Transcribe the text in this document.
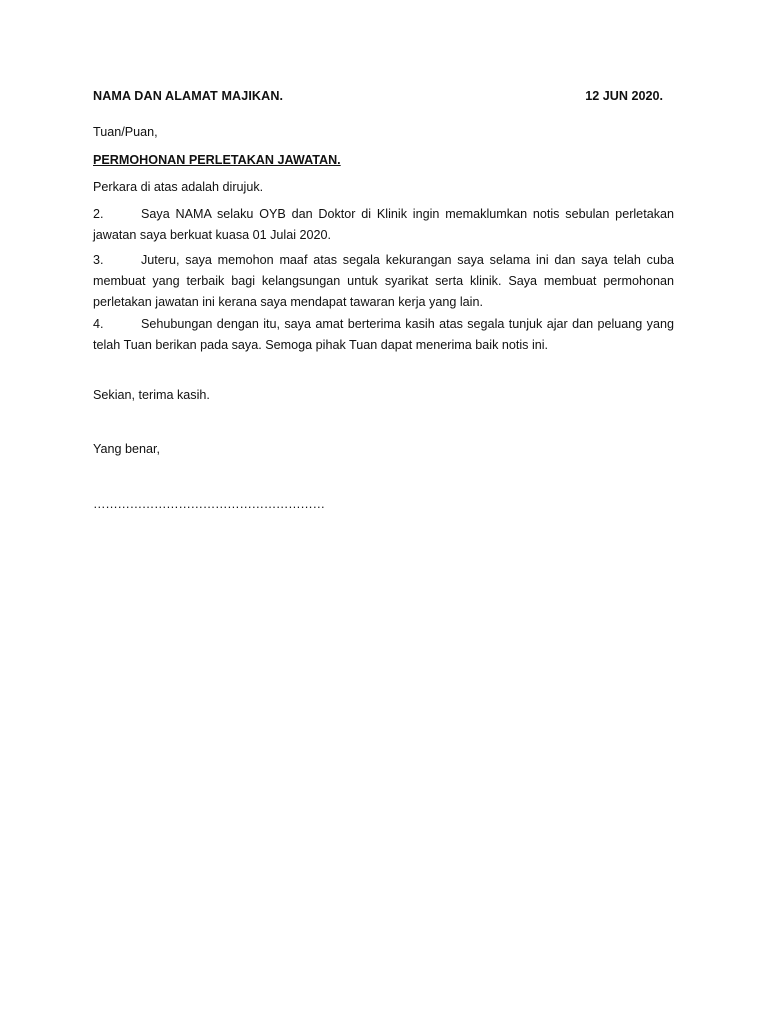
NAMA DAN ALAMAT MAJIKAN.	12 JUN 2020.
Tuan/Puan,
PERMOHONAN PERLETAKAN JAWATAN.
Perkara di atas adalah dirujuk.
2.	Saya NAMA selaku OYB dan Doktor di Klinik ingin memaklumkan notis sebulan perletakan jawatan saya berkuat kuasa 01 Julai 2020.
3.	Juteru, saya memohon maaf atas segala kekurangan saya selama ini dan saya telah cuba membuat yang terbaik bagi kelangsungan untuk syarikat serta klinik. Saya membuat permohonan perletakan jawatan ini kerana saya mendapat tawaran kerja yang lain.
4.	Sehubungan dengan itu, saya amat berterima kasih atas segala tunjuk ajar dan peluang yang telah Tuan berikan pada saya. Semoga pihak Tuan dapat menerima baik notis ini.
Sekian, terima kasih.
Yang benar,
…………………………………………………
